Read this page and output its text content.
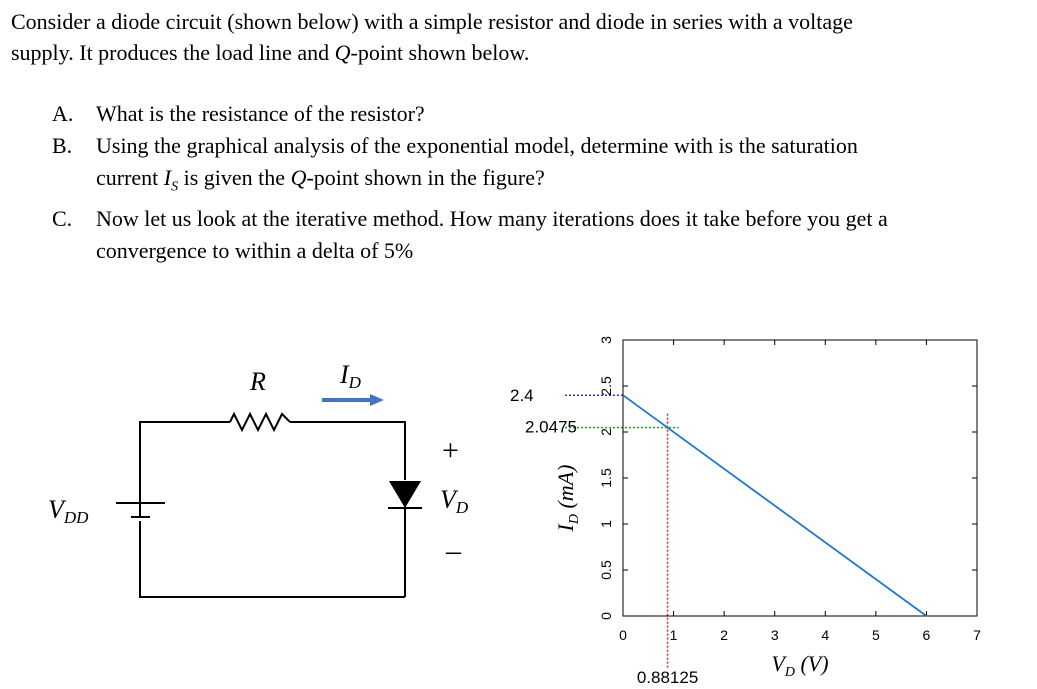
Consider a diode circuit (shown below) with a simple resistor and diode in series with a voltage
supply. It produces the load line and Q-point shown below.

A. What is the resistance of the resistor?
B. Using the graphical analysis of the exponential model, determine with is the saturation
current $I_S$ is given the Q-point shown in the figure?
C. Now let us look at the iterative method. How many iterations does it take before you get a
convergence to within a delta of 5%
R	ID
VDD
+
VD
–
0	1	2	3	4	5	6	7
0
0.5
1
1.5
2
2.5
3
2.4
2.0475
0.88125
$V_D$ (V)
$I_D$ (mA)
